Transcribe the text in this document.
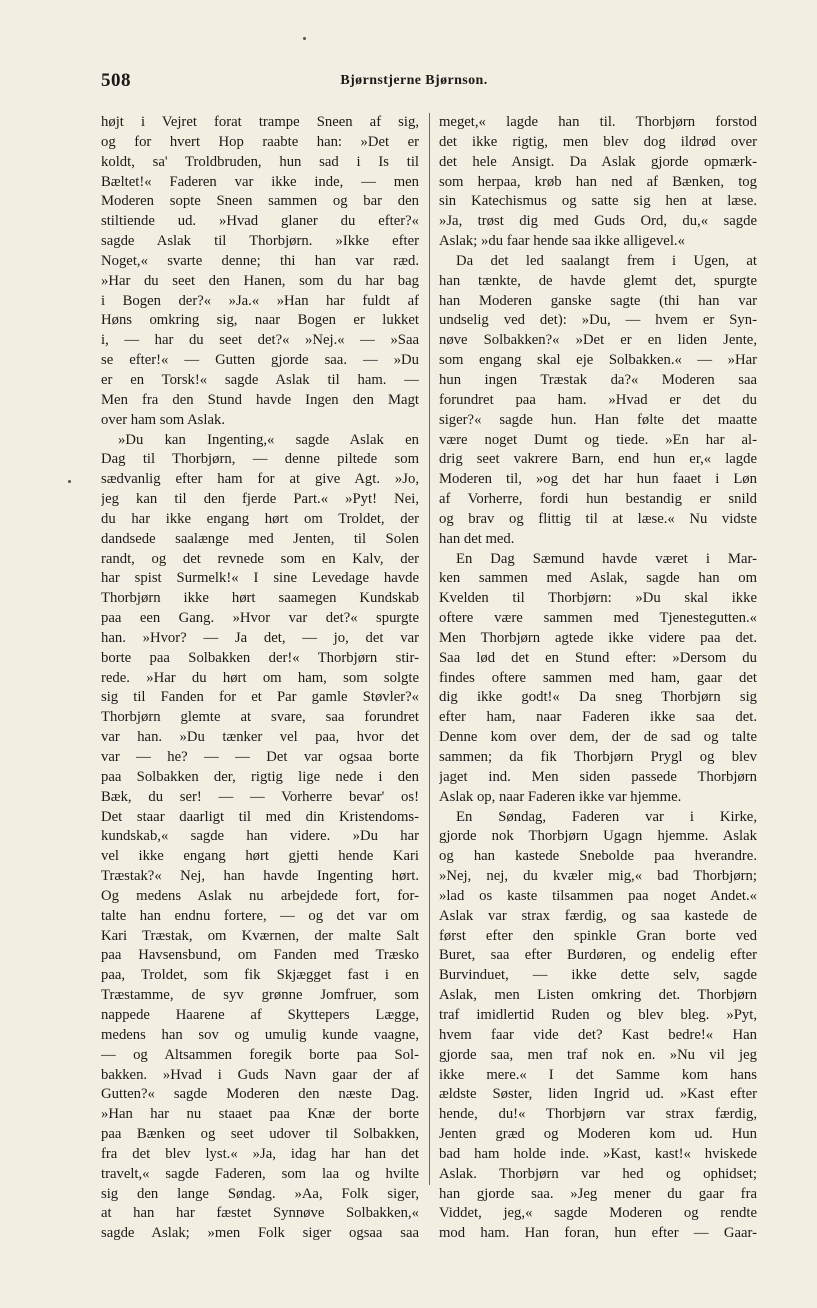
508	Bjørnstjerne Bjørnson.
højt i Vejret forat trampe Sneen af sig,
og for hvert Hop raabte han: »Det er
koldt, sa' Troldbruden, hun sad i Is til
Bæltet!« Faderen var ikke inde, — men
Moderen sopte Sneen sammen og bar den
stiltiende ud. »Hvad glaner du efter?«
sagde Aslak til Thorbjørn. »Ikke efter
Noget,« svarte denne; thi han var ræd.
»Har du seet den Hanen, som du har bag
i Bogen der?« »Ja.« »Han har fuldt af
Høns omkring sig, naar Bogen er lukket
i, — har du seet det?« »Nej.« — »Saa
se efter!« — Gutten gjorde saa. — »Du
er en Torsk!« sagde Aslak til ham. —
Men fra den Stund havde Ingen den Magt
over ham som Aslak.
»Du kan Ingenting,« sagde Aslak en
Dag til Thorbjørn, — denne piltede som
sædvanlig efter ham for at give Agt. »Jo,
jeg kan til den fjerde Part.« »Pyt! Nei,
du har ikke engang hørt om Troldet, der
dandsede saalænge med Jenten, til Solen
randt, og det revnede som en Kalv, der
har spist Surmelk!« I sine Levedage havde
Thorbjørn ikke hørt saamegen Kundskab
paa een Gang. »Hvor var det?« spurgte
han. »Hvor? — Ja det, — jo, det var
borte paa Solbakken der!« Thorbjørn stir-
rede. »Har du hørt om ham, som solgte
sig til Fanden for et Par gamle Støvler?«
Thorbjørn glemte at svare, saa forundret
var han. »Du tænker vel paa, hvor det
var — he? — — Det var ogsaa borte
paa Solbakken der, rigtig lige nede i den
Bæk, du ser! — — Vorherre bevar' os!
Det staar daarligt til med din Kristendoms-
kundskab,« sagde han videre. »Du har
vel ikke engang hørt gjetti hende Kari
Træstak?« Nej, han havde Ingenting hørt.
Og medens Aslak nu arbejdede fort, for-
talte han endnu fortere, — og det var om
Kari Træstak, om Kværnen, der malte Salt
paa Havsensbund, om Fanden med Træsko
paa, Troldet, som fik Skjægget fast i en
Træstamme, de syv grønne Jomfruer, som
nappede Haarene af Skyttepers Lægge,
medens han sov og umulig kunde vaagne,
— og Altsammen foregik borte paa Sol-
bakken. »Hvad i Guds Navn gaar der af
Gutten?« sagde Moderen den næste Dag.
»Han har nu staaet paa Knæ der borte
paa Bænken og seet udover til Solbakken,
fra det blev lyst.« »Ja, idag har han det
travelt,« sagde Faderen, som laa og hvilte
sig den lange Søndag. »Aa, Folk siger,
at han har fæstet Synnøve Solbakken,«
sagde Aslak; »men Folk siger ogsaa saa
meget,« lagde han til. Thorbjørn forstod
det ikke rigtig, men blev dog ildrød over
det hele Ansigt. Da Aslak gjorde opmærk-
som herpaa, krøb han ned af Bænken, tog
sin Katechismus og satte sig hen at læse.
»Ja, trøst dig med Guds Ord, du,« sagde
Aslak; »du faar hende saa ikke alligevel.«
Da det led saalangt frem i Ugen, at
han tænkte, de havde glemt det, spurgte
han Moderen ganske sagte (thi han var
undselig ved det): »Du, — hvem er Syn-
nøve Solbakken?« »Det er en liden Jente,
som engang skal eje Solbakken.« — »Har
hun ingen Træstak da?« Moderen saa
forundret paa ham. »Hvad er det du
siger?« sagde hun. Han følte det maatte
være noget Dumt og tiede. »En har al-
drig seet vakrere Barn, end hun er,« lagde
Moderen til, »og det har hun faaet i Løn
af Vorherre, fordi hun bestandig er snild
og brav og flittig til at læse.« Nu vidste
han det med.
En Dag Sæmund havde været i Mar-
ken sammen med Aslak, sagde han om
Kvelden til Thorbjørn: »Du skal ikke
oftere være sammen med Tjenestegutten.«
Men Thorbjørn agtede ikke videre paa det.
Saa lød det en Stund efter: »Dersom du
findes oftere sammen med ham, gaar det
dig ikke godt!« Da sneg Thorbjørn sig
efter ham, naar Faderen ikke saa det.
Denne kom over dem, der de sad og talte
sammen; da fik Thorbjørn Prygl og blev
jaget ind. Men siden passede Thorbjørn
Aslak op, naar Faderen ikke var hjemme.
En Søndag, Faderen var i Kirke,
gjorde nok Thorbjørn Ugagn hjemme. Aslak
og han kastede Snebolde paa hverandre.
»Nej, nej, du kvæler mig,« bad Thorbjørn;
»lad os kaste tilsammen paa noget Andet.«
Aslak var strax færdig, og saa kastede de
først efter den spinkle Gran borte ved
Buret, saa efter Burdøren, og endelig efter
Burvinduet, — ikke dette selv, sagde
Aslak, men Listen omkring det. Thorbjørn
traf imidlertid Ruden og blev bleg. »Pyt,
hvem faar vide det? Kast bedre!« Han
gjorde saa, men traf nok en. »Nu vil jeg
ikke mere.« I det Samme kom hans
ældste Søster, liden Ingrid ud. »Kast efter
hende, du!« Thorbjørn var strax færdig,
Jenten græd og Moderen kom ud. Hun
bad ham holde inde. »Kast, kast!« hviskede
Aslak. Thorbjørn var hed og ophidset;
han gjorde saa. »Jeg mener du gaar fra
Viddet, jeg,« sagde Moderen og rendte
mod ham. Han foran, hun efter — Gaar-
